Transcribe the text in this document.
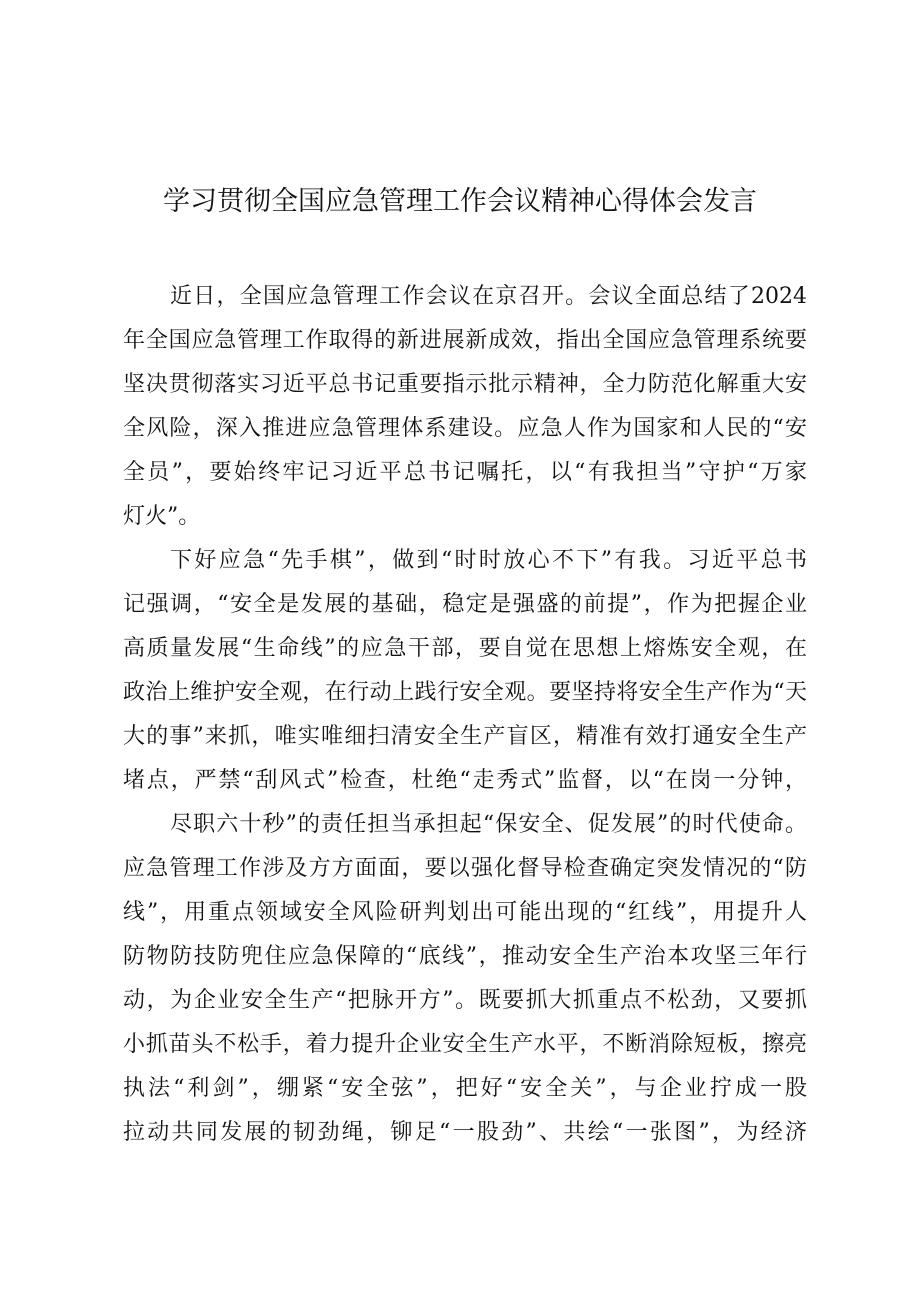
学习贯彻全国应急管理工作会议精神心得体会发言
近日，全国应急管理工作会议在京召开。会议全面总结了2024
年全国应急管理工作取得的新进展新成效，指出全国应急管理系统要
坚决贯彻落实习近平总书记重要指示批示精神，全力防范化解重大安
全风险，深入推进应急管理体系建设。应急人作为国家和人民的“安
全员”，要始终牢记习近平总书记嘱托，以“有我担当”守护“万家
灯火”。
下好应急“先手棋”，做到“时时放心不下”有我。习近平总书
记强调，“安全是发展的基础，稳定是强盛的前提”，作为把握企业
高质量发展“生命线”的应急干部，要自觉在思想上熔炼安全观，在
政治上维护安全观，在行动上践行安全观。要坚持将安全生产作为“天
大的事”来抓，唯实唯细扫清安全生产盲区，精准有效打通安全生产
堵点，严禁“刮风式”检查，杜绝“走秀式”监督，以“在岗一分钟，
尽职六十秒”的责任担当承担起“保安全、促发展”的时代使命。
应急管理工作涉及方方面面，要以强化督导检查确定突发情况的“防
线”，用重点领域安全风险研判划出可能出现的“红线”，用提升人
防物防技防兜住应急保障的“底线”，推动安全生产治本攻坚三年行
动，为企业安全生产“把脉开方”。既要抓大抓重点不松劲，又要抓
小抓苗头不松手，着力提升企业安全生产水平，不断消除短板，擦亮
执法“利剑”，绷紧“安全弦”，把好“安全关”，与企业拧成一股
拉动共同发展的韧劲绳，铆足“一股劲”、共绘“一张图”，为经济
